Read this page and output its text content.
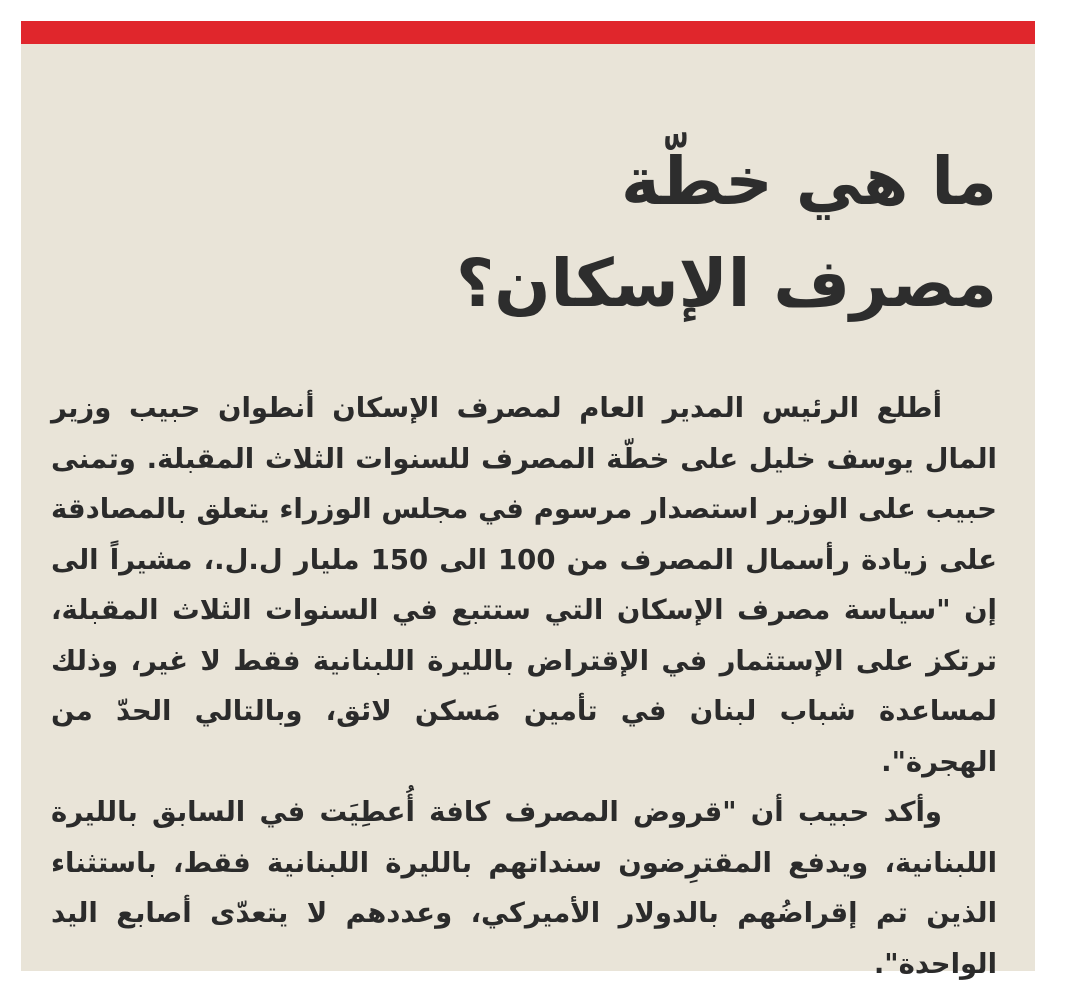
ما هي خطّة
مصرف الإسكان؟

أطلع الرئيس المدير العام لمصرف الإسكان أنطوان حبيب وزير المال يوسف خليل على خطّة المصرف للسنوات الثلاث المقبلة. وتمنى حبيب على الوزير استصدار مرسوم في مجلس الوزراء يتعلق بالمصادقة على زيادة رأسمال المصرف من 100 الى 150 مليار ل.ل.، مشيراً الى إن "سياسة مصرف الإسكان التي ستتبع في السنوات الثلاث المقبلة، ترتكز على الإستثمار في الإقتراض بالليرة اللبنانية فقط لا غير، وذلك لمساعدة شباب لبنان في تأمين مَسكن لائق، وبالتالي الحدّ من الهجرة".

وأكد حبيب أن "قروض المصرف كافة أُعطِيَت في السابق بالليرة اللبنانية، ويدفع المقترِضون سنداتهم بالليرة اللبنانية فقط، باستثناء الذين تم إقراضُهم بالدولار الأميركي، وعددهم لا يتعدّى أصابع اليد الواحدة".
